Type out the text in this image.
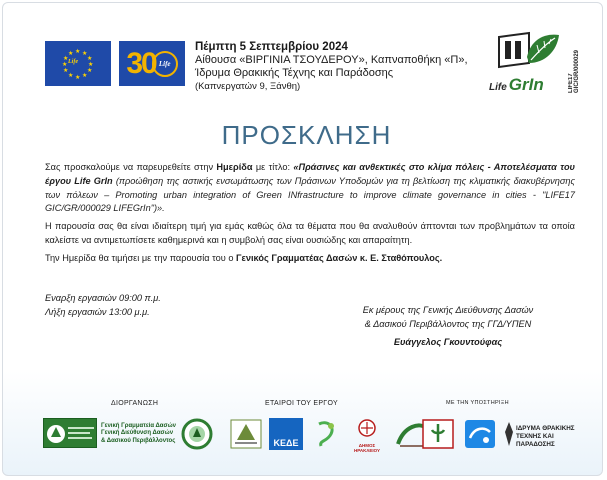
★ ★
★
★
★
★
★
★
★
★
★
★
Life 30 Life
Πέμπτη 5 Σεπτεμβρίου 2024
Αίθουσα «ΒΙΡΓΙΝΙΑ ΤΣΟΥΔΕΡΟΥ», Καπναποθήκη «Π»,
Ίδρυμα Θρακικής Τέχνης και Παράδοσης
(Καπνεργατών 9, Ξάνθη)	Life GrIn	LIFE17 GIC/GR/000029
ΠΡΟΣΚΛΗΣΗ

Σας προσκαλούμε να παρευρεθείτε στην Ημερίδα με τίτλο: «Πράσινες και ανθεκτικές στο κλίμα πόλεις - Αποτελέσματα του έργου Life GrIn (προώθηση της αστικής ενσωμάτωσης των Πράσινων Υποδομών για τη βελτίωση της κλιματικής διακυβέρνησης των πόλεων – Promoting urban integration of Green INfrastructure to improve climate governance in cities - "LIFE17 GIC/GR/000029 LIFEGrIn")».

Η παρουσία σας θα είναι ιδιαίτερη τιμή για εμάς καθώς όλα τα θέματα που θα αναλυθούν άπτονται των προβλημάτων τα οποία καλείστε να αντιμετωπίσετε καθημερινά και η συμβολή σας είναι ουσιώδης και απαραίτητη.

Την Ημερίδα θα τιμήσει με την παρουσία του ο Γενικός Γραμματέας Δασών κ. Ε. Σταθόπουλος.

Εναρξη εργασιών 09:00 π.μ.
Λήξη εργασιών 13:00 μ.μ.	Εκ μέρους της Γενικής Διεύθυνσης Δασών
& Δασικού Περιβάλλοντος της ΓΓΔ/ΥΠΕΝ
Ευάγγελος Γκουντούφας
ΔΙΟΡΓΑΝΩΣΗ	ΕΤΑΙΡΟΙ ΤΟΥ ΕΡΓΟΥ	ΜΕ ΤΗΝ ΥΠΟΣΤΗΡΙΞΗ
Γενική Γραμματεία Δασών
Γενική Διεύθυνση Δασών
& Δασικού Περιβάλλοντος	ΚΕΔΕ	ΔΗΜΟΣ ΗΡΑΚΛΕΙΟΥ
ΙΔΡΥΜΑ ΘΡΑΚΙΚΗΣ
ΤΕΧΝΗΣ ΚΑΙ ΠΑΡΑΔΟΣΗΣ
